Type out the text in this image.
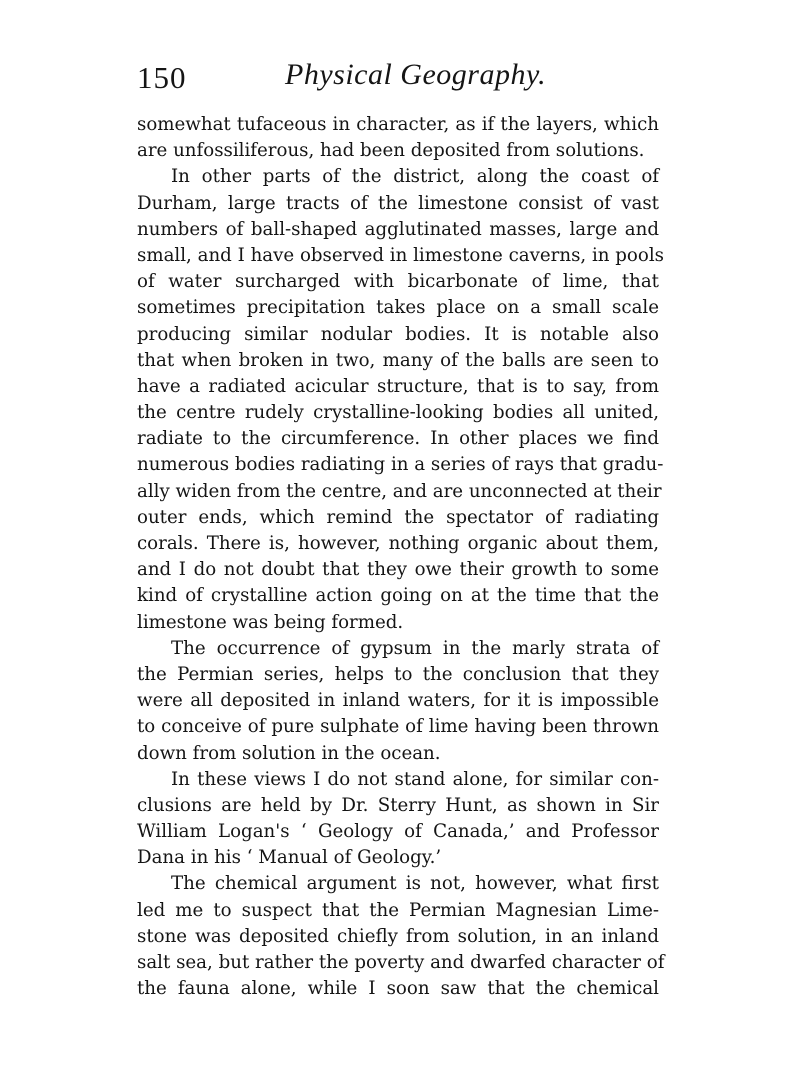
150	Physical Geography.

somewhat tufaceous in character, as if the layers, which
are unfossiliferous, had been deposited from solutions.

In other parts of the district, along the coast of
Durham, large tracts of the limestone consist of vast
numbers of ball-shaped agglutinated masses, large and
small, and I have observed in limestone caverns, in pools
of water surcharged with bicarbonate of lime, that
sometimes precipitation takes place on a small scale
producing similar nodular bodies. It is notable also
that when broken in two, many of the balls are seen to
have a radiated acicular structure, that is to say, from
the centre rudely crystalline-looking bodies all united,
radiate to the circumference. In other places we find
numerous bodies radiating in a series of rays that gradu-
ally widen from the centre, and are unconnected at their
outer ends, which remind the spectator of radiating
corals. There is, however, nothing organic about them,
and I do not doubt that they owe their growth to some
kind of crystalline action going on at the time that the
limestone was being formed.

The occurrence of gypsum in the marly strata of
the Permian series, helps to the conclusion that they
were all deposited in inland waters, for it is impossible
to conceive of pure sulphate of lime having been thrown
down from solution in the ocean.

In these views I do not stand alone, for similar con-
clusions are held by Dr. Sterry Hunt, as shown in Sir
William Logan's ‘ Geology of Canada,’ and Professor
Dana in his ‘ Manual of Geology.’

The chemical argument is not, however, what first
led me to suspect that the Permian Magnesian Lime-
stone was deposited chiefly from solution, in an inland
salt sea, but rather the poverty and dwarfed character of
the fauna alone, while I soon saw that the chemical
